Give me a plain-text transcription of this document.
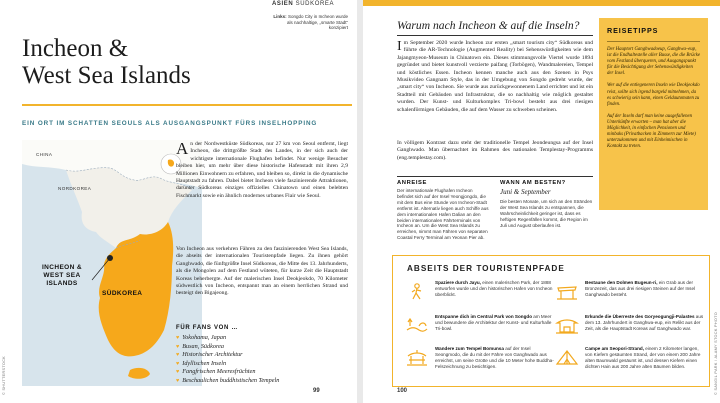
ASIEN SÜDKOREA
Links: Songdo City in Incheon wurde als nachhaltige, „smarte Stadt“ konzipiert
Incheon &
West Sea Islands
EIN ORT IM SCHATTEN SEOULS ALS AUSGANGSPUNKT FÜRS INSELHOPPING
CHINA
NORDKOREA
INCHEON &
WEST SEA
ISLANDS
SÜDKOREA
A n der Nordwestküste Südkoreas, nur 27 km von Seoul entfernt, liegt Incheon, die drittgrößte Stadt des Landes, in der sich auch der wichtigste internationale Flughafen befindet. Nur wenige Besucher bleiben hier, um mehr über diese historische Hafenstadt mit ihren 2,9 Millionen Einwohnern zu erfahren, und bleiben so, direkt in die dynamische Hauptstadt zu fahren. Dabei bietet Incheon viele faszinierende Attraktionen, darunter Südkoreas einziges offizielles Chinatown und einen belebten Fischmarkt sowie ein ähnlich modernes urbanes Flair wie Seoul.
Von Incheon aus verkehren Fähren zu den faszinierenden West Sea Islands, die abseits der internationalen Touristenpfade liegen. Zu ihnen gehört Ganghwado, die fünftgrößte Insel Südkoreas, die Mitte des 13. Jahrhunderts, als die Mongolen auf dem Festland wüteten, für kurze Zeit die Hauptstadt Koreas beherbergte. Auf der malerischen Insel Deokjeokdo, 70 Kilometer südwestlich von Incheon, entspannt man an einem herrlichen Strand und besteigt den Bigajeong.
FÜR FANS VON …
♥ Yokohama, Japan
♥ Busan, Südkorea
♥ Historischer Architektur
♥ Idyllischen Inseln
♥ Fangfrischen Meeresfrüchten
♥ Beschaulichen buddhistischen Tempeln
99
© SHUTTERSTOCK
Warum nach Incheon & auf die Inseln?
I m September 2020 wurde Incheon zur ersten „smart tourism city“ Südkoreas und führte die AR-Technologie (Augmented Reality) bei Sehenswürdigkeiten wie dem Jajangmyeon-Museum in Chinatown ein. Dieses stimmungsvolle Viertel wurde 1894 gegründet und bietet kunstvoll verzierte paifang (Torbögen), Wandmalereien, Tempel und köstliches Essen. Incheon kennen manche auch aus den Szenen in Psys Musikvideo Gangnam Style, das in der Umgebung von Songdo gedreht wurde, der „smart city“ von Incheon. Sie wurde aus zurückgewonnenem Land errichtet und ist ein Stadtteil mit Gebäuden und Infrastruktur, die so nachhaltig wie möglich gestaltet wurden. Der Kunst- und Kulturkomplex Tri-bowl besteht aus drei riesigen schalenförmigen Gebäuden, die auf dem Wasser zu schweben scheinen.
In völligem Kontrast dazu steht der traditionelle Tempel Jeondeungsa auf der Insel Ganghwado. Man übernachtet im Rahmen des nationalen Templestay-Programms (eng.templestay.com).
REISETIPPS

Der Hauptort Ganghwadoeup, Ganghwa–eup, ist die Endhaltestelle aller Busse, die die Brücke vom Festland überqueren, und Ausgangspunkt für die Besichtigung der Sehenswürdigkeiten der Insel.

Wer auf die entlegeneren Inseln wie Deokjeokdo reist, sollte sich irgend bargeld mitnehmen, da es schwierig sein kann, einen Geldautomaten zu finden.

Auf der Inseln darf man keine ausgefallenen Unterkünfte erwarten – man hat aber die Möglichkeit, in einfachen Pensionen und minbaks (Privatbacken in Zimmern zur Miete) unterzukommen und mit Einheimischen in Kontakt zu treten.

ANREISE
Der internationale Flughafen Incheon befindet sich auf der Insel Yeongjongdo, die mit dem Bus eine Stunde von Incheon-Stadt entfernt ist. Alternativ liegen auch Schiffe aus dem internationalen Hafen Dalian an den beiden internationalen Fährterminals von Incheon an. Um die West Sea Islands zu erreichen, nimmt man Fähren von separaten Coastal Ferry Terminal am Yeonan Pier ab.
WANN AM BESTEN?
Juni & September
Die besten Monate, um sich an den Stränden der West Sea Islands zu entspannen, die Wahrscheinlichkeit geringer ist, dass es heftigen Regenfällen kommt, die Region im Juli und August überlaufen ist.
ABSEITS DER TOURISTENPFADE
Spaziere durch Jayu, einen malerischen Park, der 1888 entworfen wurde und den historischen Hafen von Incheon überblickt.
Bestaune den Dolmen Bugeun-ri, ein Grab aus der Bronzezeit, das aus drei riesigen Steinen auf der Insel Ganghwado besteht.
Entspanne dich im Central Park von Songdo am Meer und bewundere die Architektur der Kunst- und Kulturhalle Tri-bowl.
Erkunde die Überreste des Goryeogungji-Palastes aus dem 13. Jahrhundert in Ganghwa-eup, ein Relikt aus der Zeit, als die Hauptstadt Koreas auf Ganghwado war.
Wandere zum Tempel Bomunsa auf der Insel Seongmodo, die du mit der Fähre von Ganghwado aus erreichst, um seine Grotte und die 10 Meter hohe Buddha-Felszeichnung zu besichtigen.
Campe am Seopori-Strand, einem 2 Kilometer langen, von Kiefern gesäumten Strand, der von einem 200 Jahre alten Baumwald gesäumt ist, und dessen Kiefern einen dichten Hain aus 200 Jahre alten Bäumen bilden.
100	© SANGIL PARK / ALAMY STOCK PHOTO
